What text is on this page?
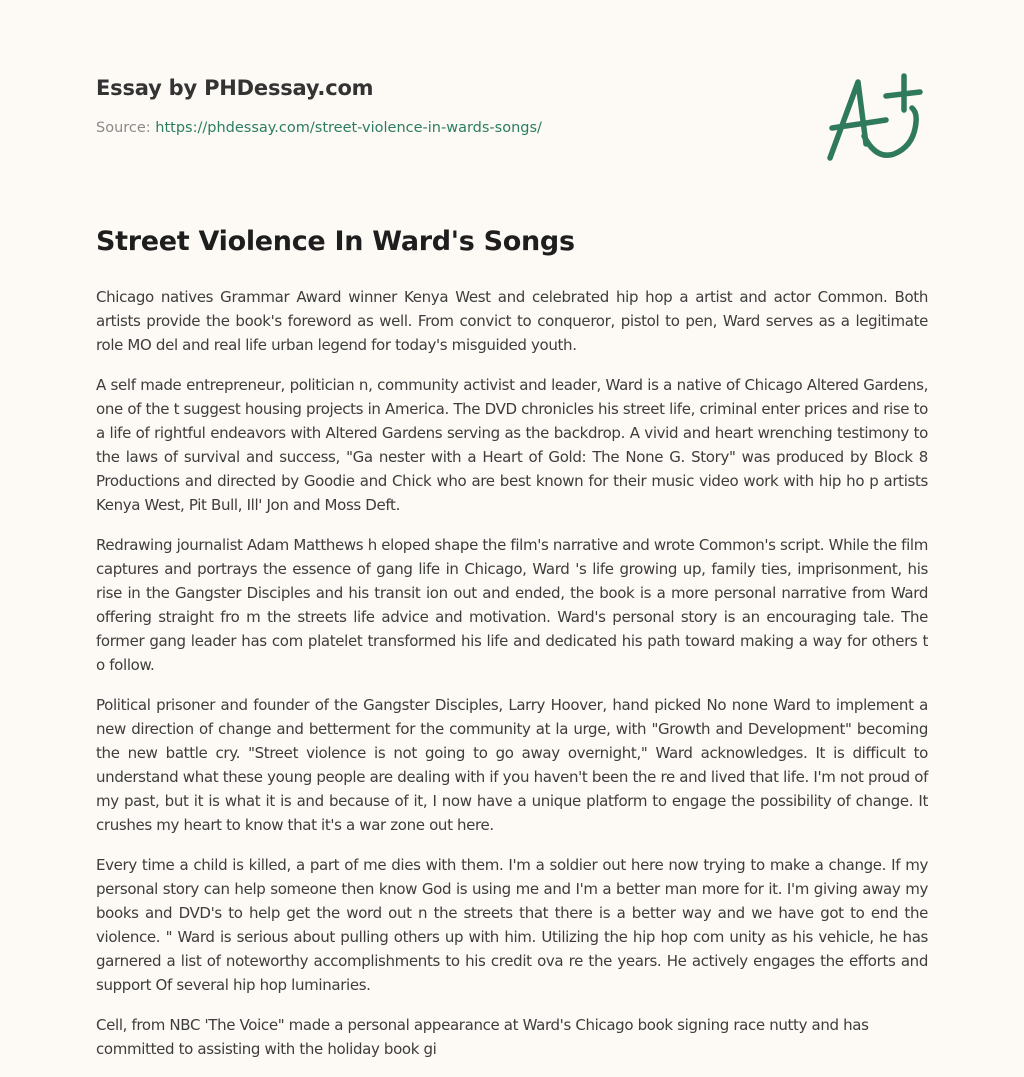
Essay by PHDessay.com
Source: https://phdessay.com/street-violence-in-wards-songs/
Street Violence In Ward's Songs

Chicago natives Grammar Award winner Kenya West and celebrated hip hop a artist and actor Common. Both artists provide the book's foreword as well. From convict to conqueror, pistol to pen, Ward serves as a legitimate role MO del and real life urban legend for today's misguided youth.

A self made entrepreneur, politician n, community activist and leader, Ward is a native of Chicago Altered Gardens, one of the t suggest housing projects in America. The DVD chronicles his street life, criminal enter prices and rise to a life of rightful endeavors with Altered Gardens serving as the backdrop. A vivid and heart wrenching testimony to the laws of survival and success, "Ga nester with a Heart of Gold: The None G. Story" was produced by Block 8 Productions and directed by Goodie and Chick who are best known for their music video work with hip ho p artists Kenya West, Pit Bull, Ill' Jon and Moss Deft.

Redrawing journalist Adam Matthews h eloped shape the film's narrative and wrote Common's script. While the film captures and portrays the essence of gang life in Chicago, Ward 's life growing up, family ties, imprisonment, his rise in the Gangster Disciples and his transit ion out and ended, the book is a more personal narrative from Ward offering straight fro m the streets life advice and motivation. Ward's personal story is an encouraging tale. The former gang leader has com platelet transformed his life and dedicated his path toward making a way for others t o follow.

Political prisoner and founder of the Gangster Disciples, Larry Hoover, hand picked No none Ward to implement a new direction of change and betterment for the community at la urge, with "Growth and Development" becoming the new battle cry. "Street violence is not going to go away overnight," Ward acknowledges. It is difficult to understand what these young people are dealing with if you haven't been the re and lived that life. I'm not proud of my past, but it is what it is and because of it, I now have a unique platform to engage the possibility of change. It crushes my heart to know that it's a war zone out here.

Every time a child is killed, a part of me dies with them. I'm a soldier out here now trying to make a change. If my personal story can help someone then know God is using me and I'm a better man more for it. I'm giving away my books and DVD's to help get the word out n the streets that there is a better way and we have got to end the violence. " Ward is serious about pulling others up with him. Utilizing the hip hop com unity as his vehicle, he has garnered a list of noteworthy accomplishments to his credit ova re the years. He actively engages the efforts and support Of several hip hop luminaries.

Cell, from NBC 'The Voice" made a personal appearance at Ward's Chicago book signing race nutty and has committed to assisting with the holiday book gi
